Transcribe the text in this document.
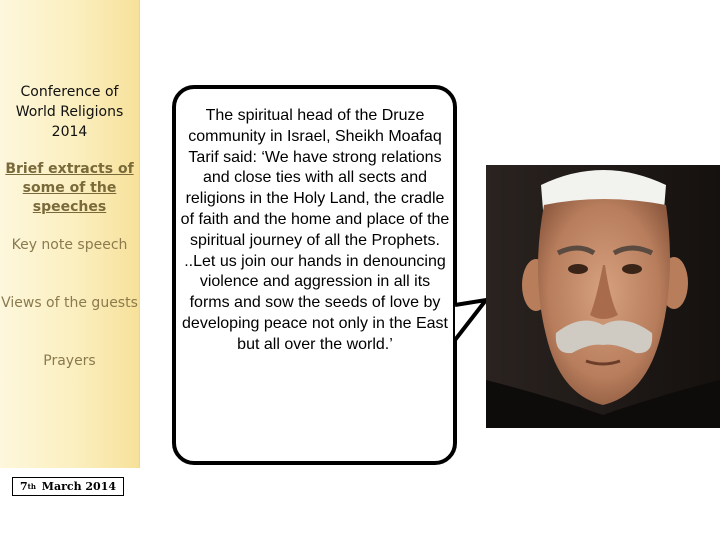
Conference of World Religions 2014
Brief extracts of some of the speeches
Key note speech
Views of the guests
Prayers
7 th
March 2014
The spiritual head of the Druze community in Israel, Sheikh Moafaq Tarif said: ‘We have strong relations and close ties with all sects and religions in the Holy Land, the cradle of faith and the home and place of the spiritual journey of all the Prophets. ..Let us join our hands in denouncing violence and aggression in all its forms and sow the seeds of love by developing peace not only in the East but all over the world.’
